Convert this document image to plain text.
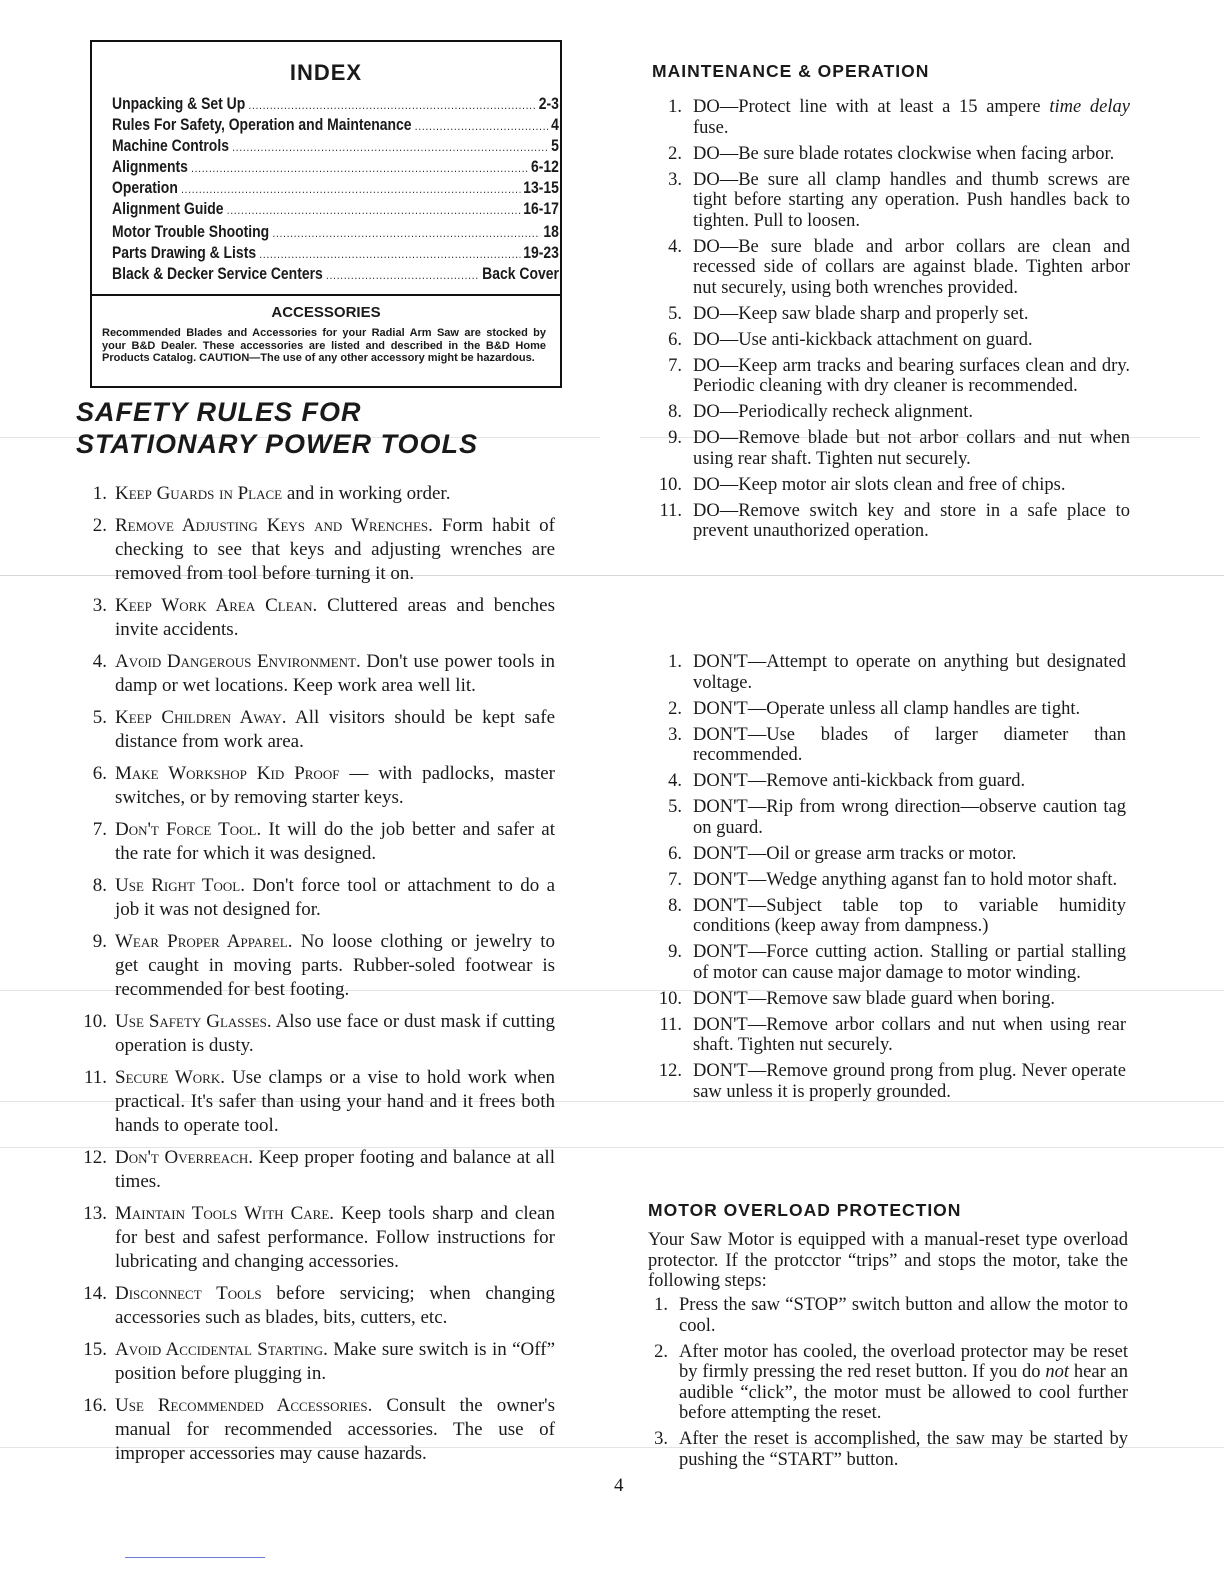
INDEX
Unpacking & Set Up .....	2-3
Rules For Safety, Operation and Maintenance .....	4
Machine Controls .....	5
Alignments .....	6-12
Operation .....	13-15
Alignment Guide .....	16-17
Motor Trouble Shooting .....	18
Parts Drawing & Lists .....	19-23
Black & Decker Service Centers .....	Back Cover
ACCESSORIES
Recommended Blades and Accessories for your Radial Arm Saw are stocked by your B&D Dealer. These accessories are listed and described in the B&D Home Products Catalog. CAUTION—The use of any other accessory might be hazardous.
SAFETY RULES FOR
STATIONARY POWER TOOLS
1. Keep Guards in Place and in working order.
2. Remove Adjusting Keys and Wrenches. Form habit of checking to see that keys and adjusting wrenches are removed from tool before turning it on.
3. Keep Work Area Clean. Cluttered areas and benches invite accidents.
4. Avoid Dangerous Environment. Don't use power tools in damp or wet locations. Keep work area well lit.
5. Keep Children Away. All visitors should be kept safe distance from work area.
6. Make Workshop Kid Proof — with padlocks, master switches, or by removing starter keys.
7. Don't Force Tool. It will do the job better and safer at the rate for which it was designed.
8. Use Right Tool. Don't force tool or attachment to do a job it was not designed for.
9. Wear Proper Apparel. No loose clothing or jewelry to get caught in moving parts. Rubber-soled footwear is recommended for best footing.
10. Use Safety Glasses. Also use face or dust mask if cutting operation is dusty.
11. Secure Work. Use clamps or a vise to hold work when practical. It's safer than using your hand and it frees both hands to operate tool.
12. Don't Overreach. Keep proper footing and balance at all times.
13. Maintain Tools With Care. Keep tools sharp and clean for best and safest performance. Follow instructions for lubricating and changing accessories.
14. Disconnect Tools before servicing; when changing accessories such as blades, bits, cutters, etc.
15. Avoid Accidental Starting. Make sure switch is in “Off” position before plugging in.
16. Use Recommended Accessories. Consult the owner's manual for recommended accessories. The use of improper accessories may cause hazards.
MAINTENANCE & OPERATION
1. DO—Protect line with at least a 15 ampere time delay fuse.
2. DO—Be sure blade rotates clockwise when facing arbor.
3. DO—Be sure all clamp handles and thumb screws are tight before starting any operation. Push handles back to tighten. Pull to loosen.
4. DO—Be sure blade and arbor collars are clean and recessed side of collars are against blade. Tighten arbor nut securely, using both wrenches provided.
5. DO—Keep saw blade sharp and properly set.
6. DO—Use anti-kickback attachment on guard.
7. DO—Keep arm tracks and bearing surfaces clean and dry. Periodic cleaning with dry cleaner is recommended.
8. DO—Periodically recheck alignment.
9. DO—Remove blade but not arbor collars and nut when using rear shaft. Tighten nut securely.
10. DO—Keep motor air slots clean and free of chips.
11. DO—Remove switch key and store in a safe place to prevent unauthorized operation.
1. DON'T—Attempt to operate on anything but designated voltage.
2. DON'T—Operate unless all clamp handles are tight.
3. DON'T—Use blades of larger diameter than recommended.
4. DON'T—Remove anti-kickback from guard.
5. DON'T—Rip from wrong direction—observe caution tag on guard.
6. DON'T—Oil or grease arm tracks or motor.
7. DON'T—Wedge anything aganst fan to hold motor shaft.
8. DON'T—Subject table top to variable humidity conditions (keep away from dampness.)
9. DON'T—Force cutting action. Stalling or partial stalling of motor can cause major damage to motor winding.
10. DON'T—Remove saw blade guard when boring.
11. DON'T—Remove arbor collars and nut when using rear shaft. Tighten nut securely.
12. DON'T—Remove ground prong from plug. Never operate saw unless it is properly grounded.
MOTOR OVERLOAD PROTECTION
Your Saw Motor is equipped with a manual-reset type overload protector. If the protcctor “trips” and stops the motor, take the following steps:
1. Press the saw “STOP” switch button and allow the motor to cool.
2. After motor has cooled, the overload protector may be reset by firmly pressing the red reset button. If you do not hear an audible “click”, the motor must be allowed to cool further before attempting the reset.
3. After the reset is accomplished, the saw may be started by pushing the “START” button.
4
